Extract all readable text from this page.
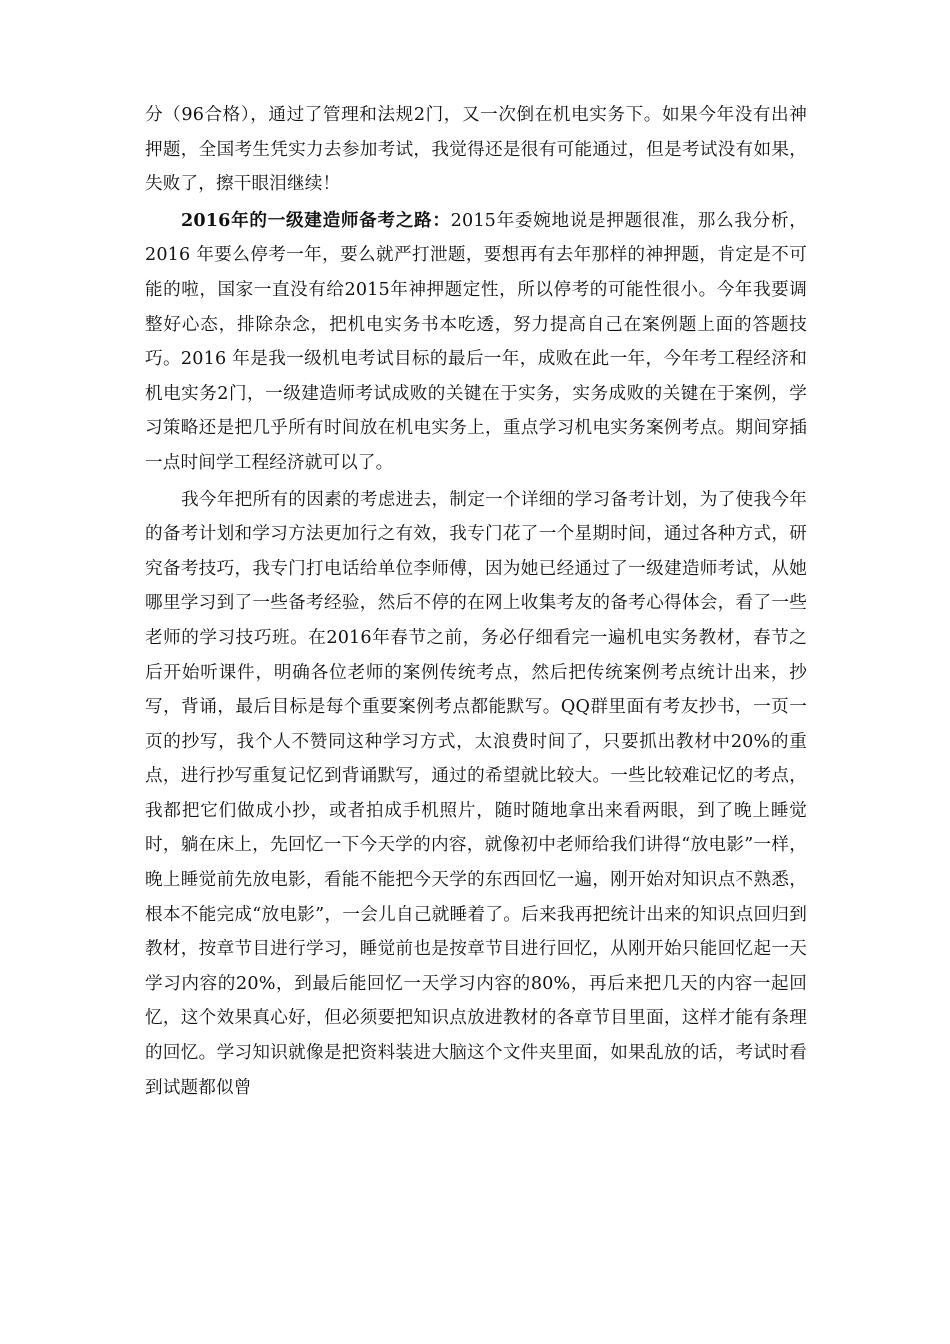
分（96合格），通过了管理和法规2门，又一次倒在机电实务下。如果今年没有出神押题，全国考生凭实力去参加考试，我觉得还是很有可能通过，但是考试没有如果，失败了，擦干眼泪继续！

2016年的一级建造师备考之路：2015年委婉地说是押题很准，那么我分析，2016 年要么停考一年，要么就严打泄题，要想再有去年那样的神押题，肯定是不可能的啦，国家一直没有给2015年神押题定性，所以停考的可能性很小。今年我要调整好心态，排除杂念，把机电实务书本吃透，努力提高自己在案例题上面的答题技巧。2016 年是我一级机电考试目标的最后一年，成败在此一年，今年考工程经济和机电实务2门，一级建造师考试成败的关键在于实务，实务成败的关键在于案例，学习策略还是把几乎所有时间放在机电实务上，重点学习机电实务案例考点。期间穿插一点时间学工程经济就可以了。

我今年把所有的因素的考虑进去，制定一个详细的学习备考计划，为了使我今年的备考计划和学习方法更加行之有效，我专门花了一个星期时间，通过各种方式，研究备考技巧，我专门打电话给单位李师傅，因为她已经通过了一级建造师考试，从她哪里学习到了一些备考经验，然后不停的在网上收集考友的备考心得体会，看了一些老师的学习技巧班。在2016年春节之前，务必仔细看完一遍机电实务教材，春节之后开始听课件，明确各位老师的案例传统考点，然后把传统案例考点统计出来，抄写，背诵，最后目标是每个重要案例考点都能默写。QQ群里面有考友抄书，一页一页的抄写，我个人不赞同这种学习方式，太浪费时间了，只要抓出教材中20%的重点，进行抄写重复记忆到背诵默写，通过的希望就比较大。一些比较难记忆的考点，我都把它们做成小抄，或者拍成手机照片，随时随地拿出来看两眼，到了晚上睡觉时，躺在床上，先回忆一下今天学的内容，就像初中老师给我们讲得“放电影”一样，晚上睡觉前先放电影，看能不能把今天学的东西回忆一遍，刚开始对知识点不熟悉，根本不能完成“放电影”，一会儿自己就睡着了。后来我再把统计出来的知识点回归到教材，按章节目进行学习，睡觉前也是按章节目进行回忆，从刚开始只能回忆起一天学习内容的20%，到最后能回忆一天学习内容的80%，再后来把几天的内容一起回忆，这个效果真心好，但必须要把知识点放进教材的各章节目里面，这样才能有条理的回忆。学习知识就像是把资料装进大脑这个文件夹里面，如果乱放的话，考试时看到试题都似曾
